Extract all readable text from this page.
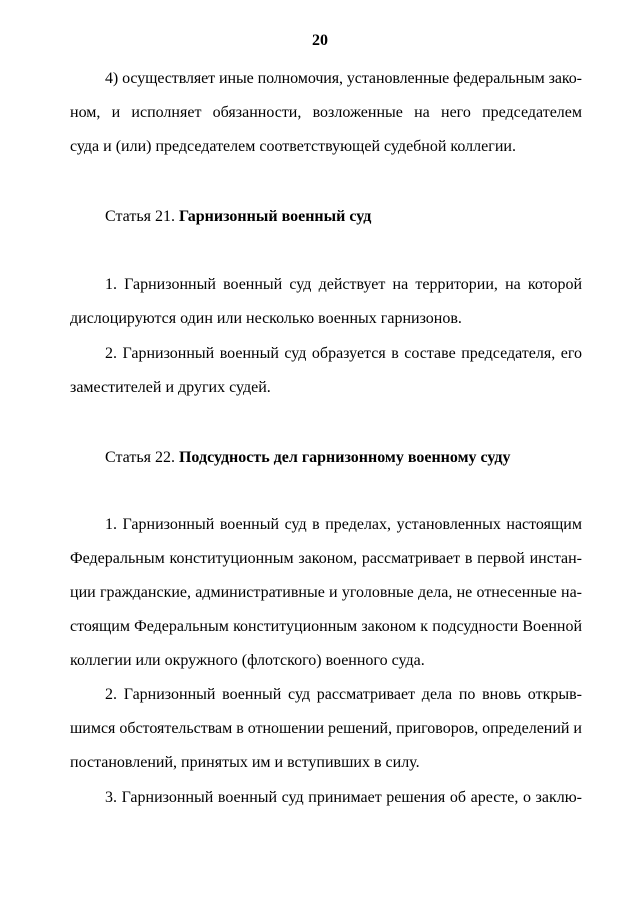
20
4) осуществляет иные полномочия, установленные федеральным зако-
ном, и исполняет обязанности, возложенные на него председателем
суда и (или) председателем соответствующей судебной коллегии.
Статья 21. Гарнизонный военный суд
1. Гарнизонный военный суд действует на территории, на которой
дислоцируются один или несколько военных гарнизонов.
2. Гарнизонный военный суд образуется в составе председателя, его
заместителей и других судей.
Статья 22. Подсудность дел гарнизонному военному суду
1. Гарнизонный военный суд в пределах, установленных настоящим
Федеральным конституционным законом, рассматривает в первой инстан-
ции гражданские, административные и уголовные дела, не отнесенные на-
стоящим Федеральным конституционным законом к подсудности Военной
коллегии или окружного (флотского) военного суда.
2. Гарнизонный военный суд рассматривает дела по вновь открыв-
шимся обстоятельствам в отношении решений, приговоров, определений и
постановлений, принятых им и вступивших в силу.
3. Гарнизонный военный суд принимает решения об аресте, о заклю-
